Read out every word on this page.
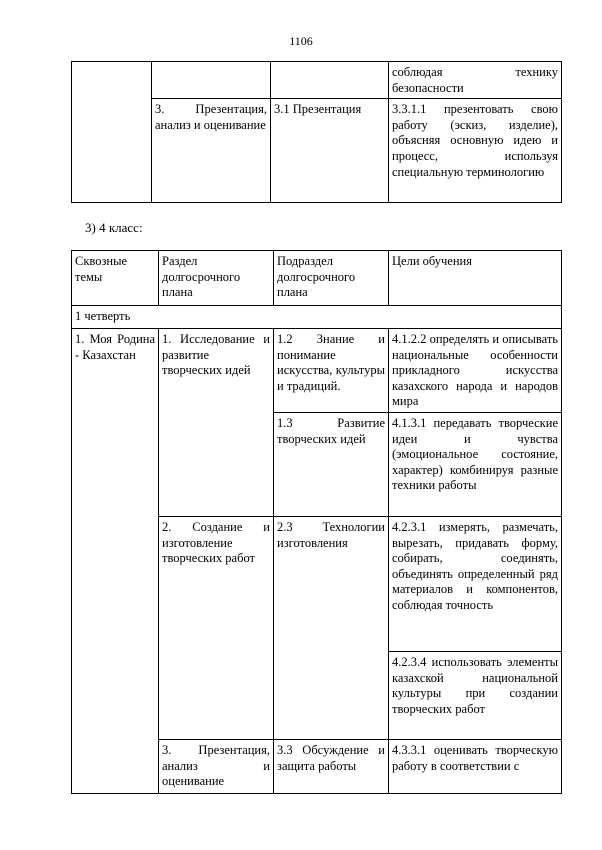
1106
			соблюдая технику безопасности
	3. Презентация, анализ и оценивание	3.1 Презентация	3.3.1.1 презентовать свою работу (эскиз, изделие), объясняя основную идею и процесс, используя специальную терминологию
3) 4 класс:
Сквозные темы	Раздел долгосрочного плана	Подраздел долгосрочного плана	Цели обучения
1 четверть			
1. Моя Родина - Казахстан	1. Исследование и развитие творческих идей	1.2 Знание и понимание искусства, культуры и традиций.	4.1.2.2 определять и описывать национальные особенности прикладного искусства казахского народа и народов мира
		1.3 Развитие творческих идей	4.1.3.1 передавать творческие идеи и чувства (эмоциональное состояние, характер) комбинируя разные техники работы
	2. Создание и изготовление творческих работ	2.3 Технологии изготовления	4.2.3.1 измерять, размечать, вырезать, придавать форму, собирать, соединять, объединять определенный ряд материалов и компонентов, соблюдая точность
			4.2.3.4 использовать элементы казахской национальной культуры при создании творческих работ
	3. Презентация, анализ и оценивание	3.3 Обсуждение и защита работы	4.3.3.1 оценивать творческую работу в соответствии с
